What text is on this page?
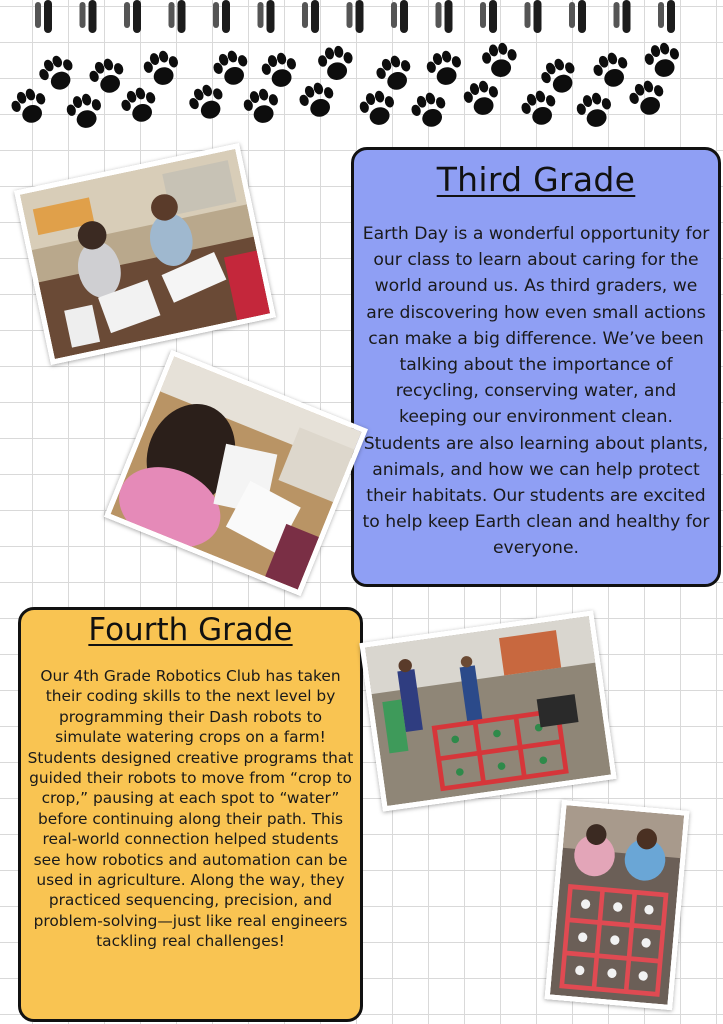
Third Grade

Earth Day is a wonderful opportunity for our class to learn about caring for the world around us. As third graders, we are discovering how even small actions can make a big difference. We’ve been talking about the importance of recycling, conserving water, and keeping our environment clean. Students are also learning about plants, animals, and how we can help protect their habitats. Our students are excited to help keep Earth clean and healthy for everyone.

Fourth Grade

Our 4th Grade Robotics Club has taken their coding skills to the next level by programming their Dash robots to simulate watering crops on a farm! Students designed creative programs that guided their robots to move from “crop to crop,” pausing at each spot to “water” before continuing along their path. This real-world connection helped students see how robotics and automation can be used in agriculture. Along the way, they practiced sequencing, precision, and problem-solving—just like real engineers tackling real challenges!
